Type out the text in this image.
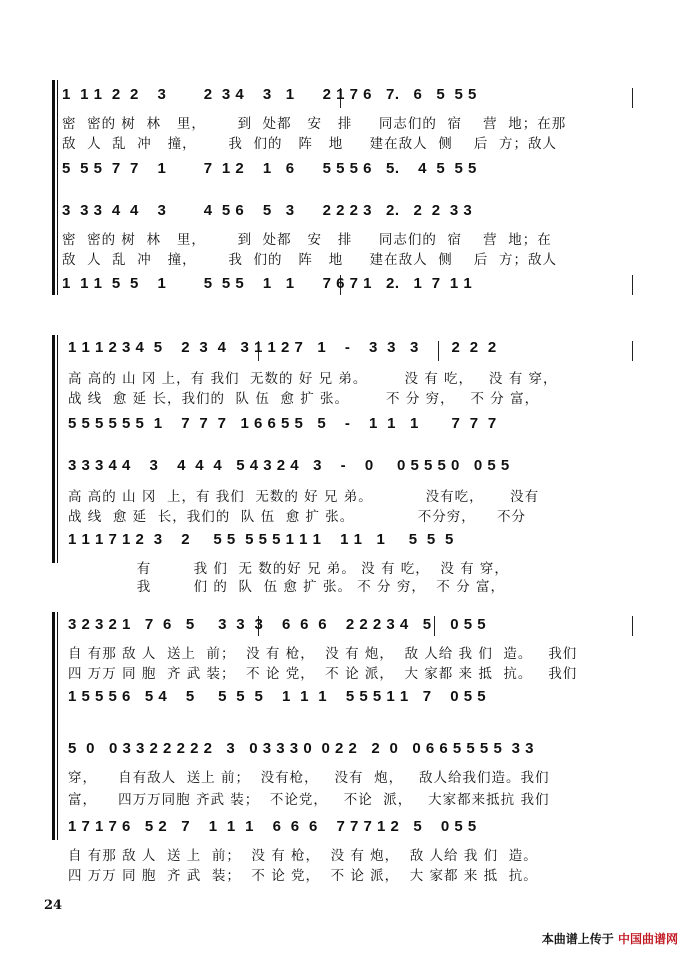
1  1 1  2  2    3        2  3 4    3   1      2 1 7 6   7.   6   5  5 5
密  密的 树  林   里，      到  处都   安   排     同志们的  宿    营  地；在那
敌  人  乱  冲   撞，      我  们的   阵   地     建在敌人  侧    后  方；敌人
5  5 5  7  7    1        7  1 2    1   6      5 5 5 6   5.    4  5  5 5
3  3 3  4  4    3        4  5 6    5   3      2 2 2 3   2.   2  2  3 3
密  密的 树  林   里，      到  处都   安   排     同志们的  宿    营  地；在
敌  人  乱  冲   撞，      我  们的   阵   地     建在敌人  侧    后  方；敌人
1  1 1  5  5    1        5  5 5    1   1      7 6 7 1   2.   1  7  1 1
1 1 1 2 3 4  5    2  3  4   3 1 1 2 7   1    -    3  3   3       2  2  2
高 高的 山 冈 上，有 我们  无数的 好 兄 弟。       没 有 吃，   没 有 穿，
战 线  愈 延 长，我们的  队 伍  愈 扩 张。       不 分 穷，   不 分 富，
5 5 5 5 5 5  1    7  7  7   1 6 6 5 5   5    -    1  1   1       7  7  7
3 3 3 4 4    3    4  4  4   5 4 3 2 4   3    -    0     0 5 5 5 0   0 5 5
高 高的 山 冈  上，有 我们  无数的 好 兄 弟。          没有吃，     没有
战 线  愈 延  长，我们的  队 伍  愈 扩 张。            不分穷，    不分
1 1 1 7 1 2  3    2     5 5  5 5 5 1 1 1    1 1   1     5  5  5
有        我 们  无 数的好 兄 弟。 没 有 吃，  没 有 穿，
我        们 的  队  伍 愈 扩 张。 不 分 穷，  不 分 富，
3 2 3 2 1   7  6   5     3  3  3    6  6  6    2 2 2 3 4   5    0 5 5
自 有那 敌 人  送上  前；  没 有 枪，  没 有 炮，  敌 人给 我 们  造。   我们
四 万万 同 胞  齐 武 装；  不 论 党，  不 论 派，  大 家都 来 抵  抗。   我们
1 5 5 5 6   5 4    5     5  5  5    1  1  1    5 5 5 1 1   7    0 5 5
5  0   0 3 3 2 2 2 2 2   3   0 3 3 3 0  0 2 2   2  0   0 6 6 5 5 5 5  3 3
穿，    自有敌人  送上 前；  没有枪，   没有  炮，   敌人给我们造。我们
富，    四万万同胞 齐武 装；  不论党，   不论  派，   大家都来抵抗 我们
1 7 1 7 6   5 2   7    1  1  1    6  6  6    7 7 7 1 2   5    0 5 5
自 有那 敌 人  送 上  前；  没 有 枪，  没 有 炮，  敌 人给 我 们  造。
四 万万 同 胞  齐 武  装；  不 论 党，  不 论 派，  大 家都 来 抵  抗。
24
本曲谱上传于 中国曲谱网
